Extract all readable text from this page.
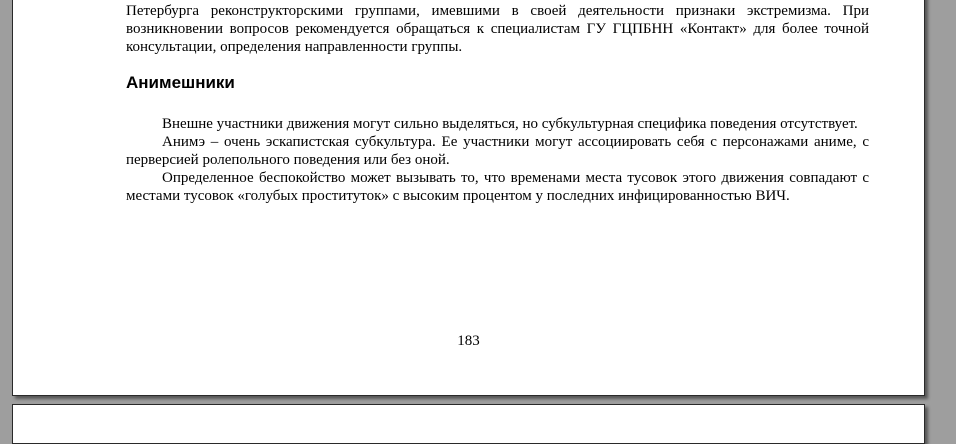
Петербурга реконструкторскими группами, имевшими в своей деятельности признаки экстремизма. При возникновении вопросов рекомендуется обращаться к специалистам ГУ ГЦПБНН «Контакт» для более точной консультации, определения направленности группы.

Анимешники

Внешне участники движения могут сильно выделяться, но субкультурная специфика поведения отсутствует.

Анимэ – очень эскапистская субкультура. Ее участники могут ассоциировать себя с персонажами аниме, с перверсией ролепольного поведения или без оной.

Определенное беспокойство может вызывать то, что временами места тусовок этого движения совпадают с местами тусовок «голубых проституток» с высоким процентом у последних инфицированностью ВИЧ.

183
